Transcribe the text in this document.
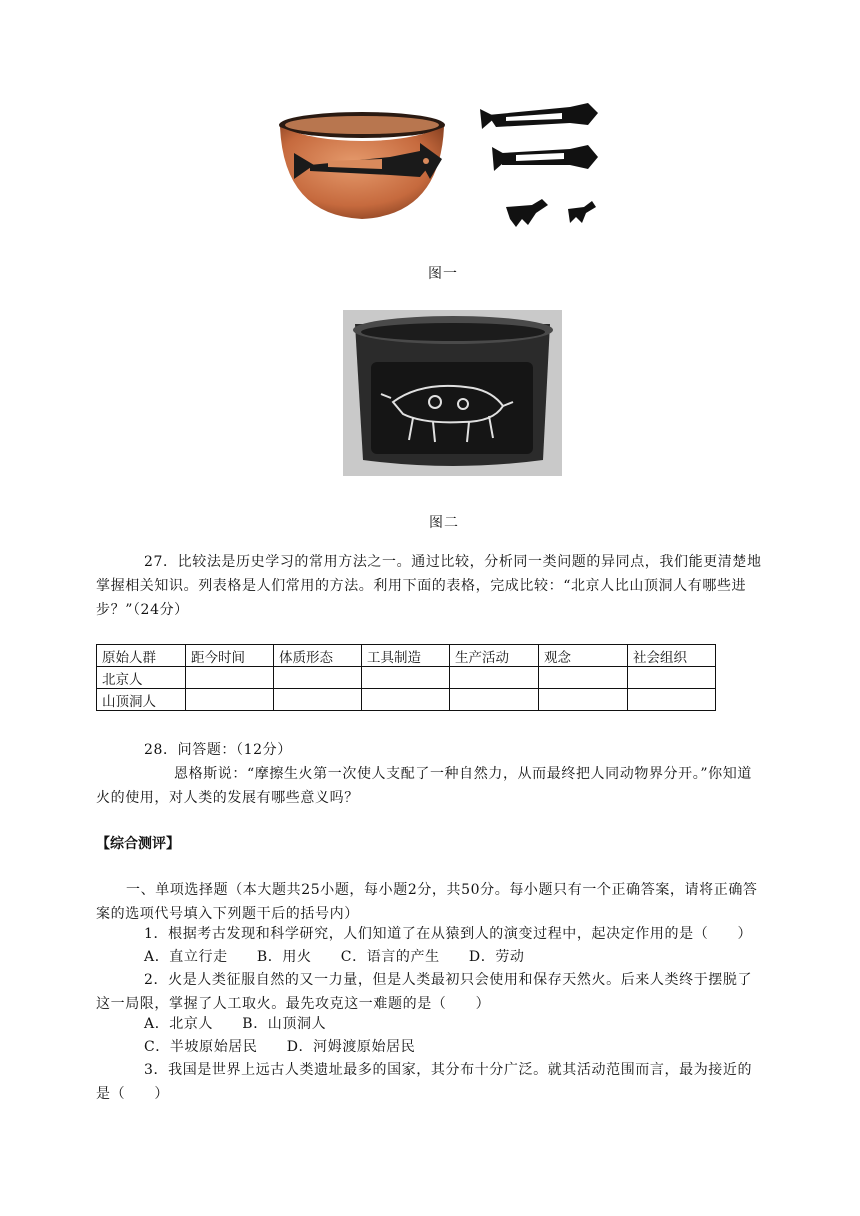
图一
图二
27．比较法是历史学习的常用方法之一。通过比较，分析同一类问题的异同点，我们能更清楚地掌握相关知识。列表格是人们常用的方法。利用下面的表格，完成比较：“北京人比山顶洞人有哪些进步？”（24分）
原始人群	距今时间	体质形态	工具制造	生产活动	观念	社会组织
北京人						
山顶洞人						
28．问答题：（12分）
恩格斯说：“摩擦生火第一次使人支配了一种自然力，从而最终把人同动物界分开。”你知道火的使用，对人类的发展有哪些意义吗？
【综合测评】
一、单项选择题（本大题共25小题，每小题2分，共50分。每小题只有一个正确答案，请将正确答案的选项代号填入下列题干后的括号内）
1．根据考古发现和科学研究，人们知道了在从猿到人的演变过程中，起决定作用的是（　　）
A．直立行走　　B．用火　　C．语言的产生　　D．劳动
2．火是人类征服自然的又一力量，但是人类最初只会使用和保存天然火。后来人类终于摆脱了这一局限，掌握了人工取火。最先攻克这一难题的是（　　）
A．北京人　　B．山顶洞人
C．半坡原始居民　　D．河姆渡原始居民
3．我国是世界上远古人类遗址最多的国家，其分布十分广泛。就其活动范围而言，最为接近的是（　　）
